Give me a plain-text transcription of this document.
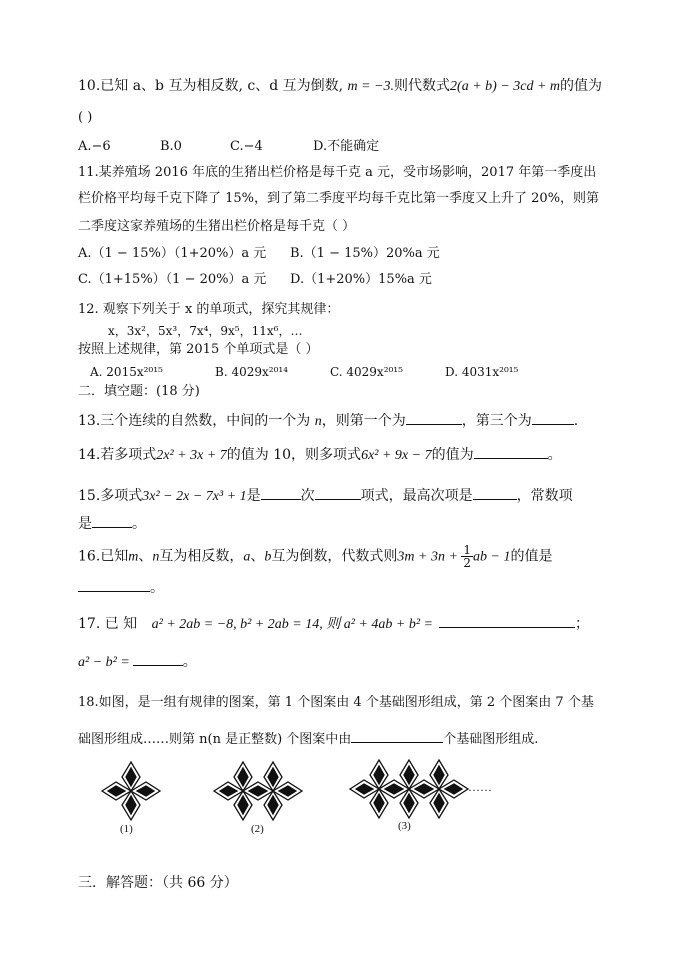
10.已知 a、b 互为相反数, c、d 互为倒数, m = −3.则代数式2(a + b) − 3cd + m的值为
( )
A.−6	B.0	C.−4	D.不能确定
11.某养殖场 2016 年底的生猪出栏价格是每千克 a 元，受市场影响，2017 年第一季度出
栏价格平均每千克下降了 15%，到了第二季度平均每千克比第一季度又上升了 20%，则第
二季度这家养殖场的生猪出栏价格是每千克（ ）
A.（1 − 15%）（1+20%）a 元 B.（1 − 15%）20%a 元
C.（1+15%）（1 − 20%）a 元 D.（1+20%）15%a 元
12. 观察下列关于 x 的单项式，探究其规律：
x，3x²，5x³，7x⁴，9x⁵，11x⁶，…
按照上述规律，第 2015 个单项式是（ ）
A. 2015x²⁰¹⁵	B. 4029x²⁰¹⁴	C. 4029x²⁰¹⁵	D. 4031x²⁰¹⁵
二．填空题：(18 分)
13.三个连续的自然数，中间的一个为 n，则第一个为	，第三个为	.
14.若多项式2x² + 3x + 7的值为 10，则多项式6x² + 9x − 7的值为	。
15.多项式3x² − 2x − 7x³ + 1是	次	项式，最高次项是	，常数项
是	。
16.已知m、n互为相反数，a、b互为倒数，代数式则$3m + 3n + \frac{1}{2}$ ab − 1的值是
。
17. 已 知 a² + 2ab = −8, b² + 2ab = 14, 则 a² + 4ab + b² =	；
a² − b² =	。
18.如图，是一组有规律的图案，第 1 个图案由 4 个基础图形组成，第 2 个图案由 7 个基
础图形组成……则第 n(n 是正整数) 个图案中由	个基础图形组成.
(1)	(2)	(3)
……
三．解答题：（共 66 分）
